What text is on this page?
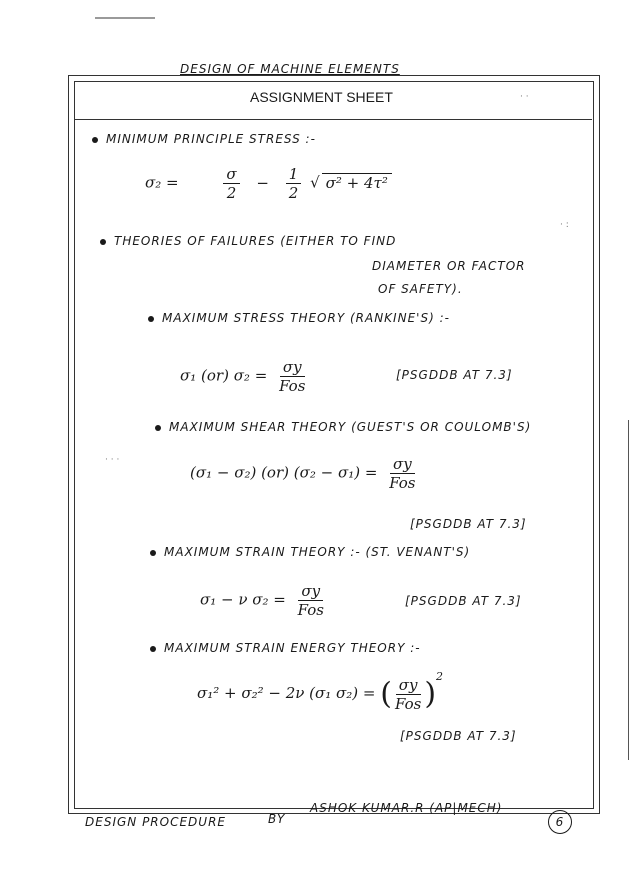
DESIGN OF MACHINE ELEMENTS
ASSIGNMENT SHEET	· ·
· :
· · ·
MINIMUM PRINCIPLE STRESS :-
σ₂ =	$\frac{\sigma}{2} - \frac{1}{2}$ √ σ² + 4τ²
THEORIES OF FAILURES (EITHER TO FIND
DIAMETER OR FACTOR
OF SAFETY).
MAXIMUM STRESS THEORY (RANKINE'S) :-
σ₁ (or) $\sigma_2 = \frac{\sigma y}{\text{Fos}}$	[PSGDDB AT 7.3]
MAXIMUM SHEAR THEORY (GUEST'S OR COULOMB'S)
(σ₁ − σ₂) (or) $(\sigma_2 - \sigma_1) = \frac{\sigma y}{\text{Fos}}$
[PSGDDB AT 7.3]
MAXIMUM STRAIN THEORY :- (ST. VENANT'S)
σ₁ − ν $\sigma_2 = \frac{\sigma y}{\text{Fos}}$	[PSGDDB AT 7.3]
MAXIMUM STRAIN ENERGY THEORY :-
σ₁² + σ₂² − 2ν (σ₁ σ₂) = ( $\frac{\sigma y}{\text{Fos}} )^2$
[PSGDDB AT 7.3]
DESIGN PROCEDURE	BY
ASHOK KUMAR.R (AP|MECH)
6
